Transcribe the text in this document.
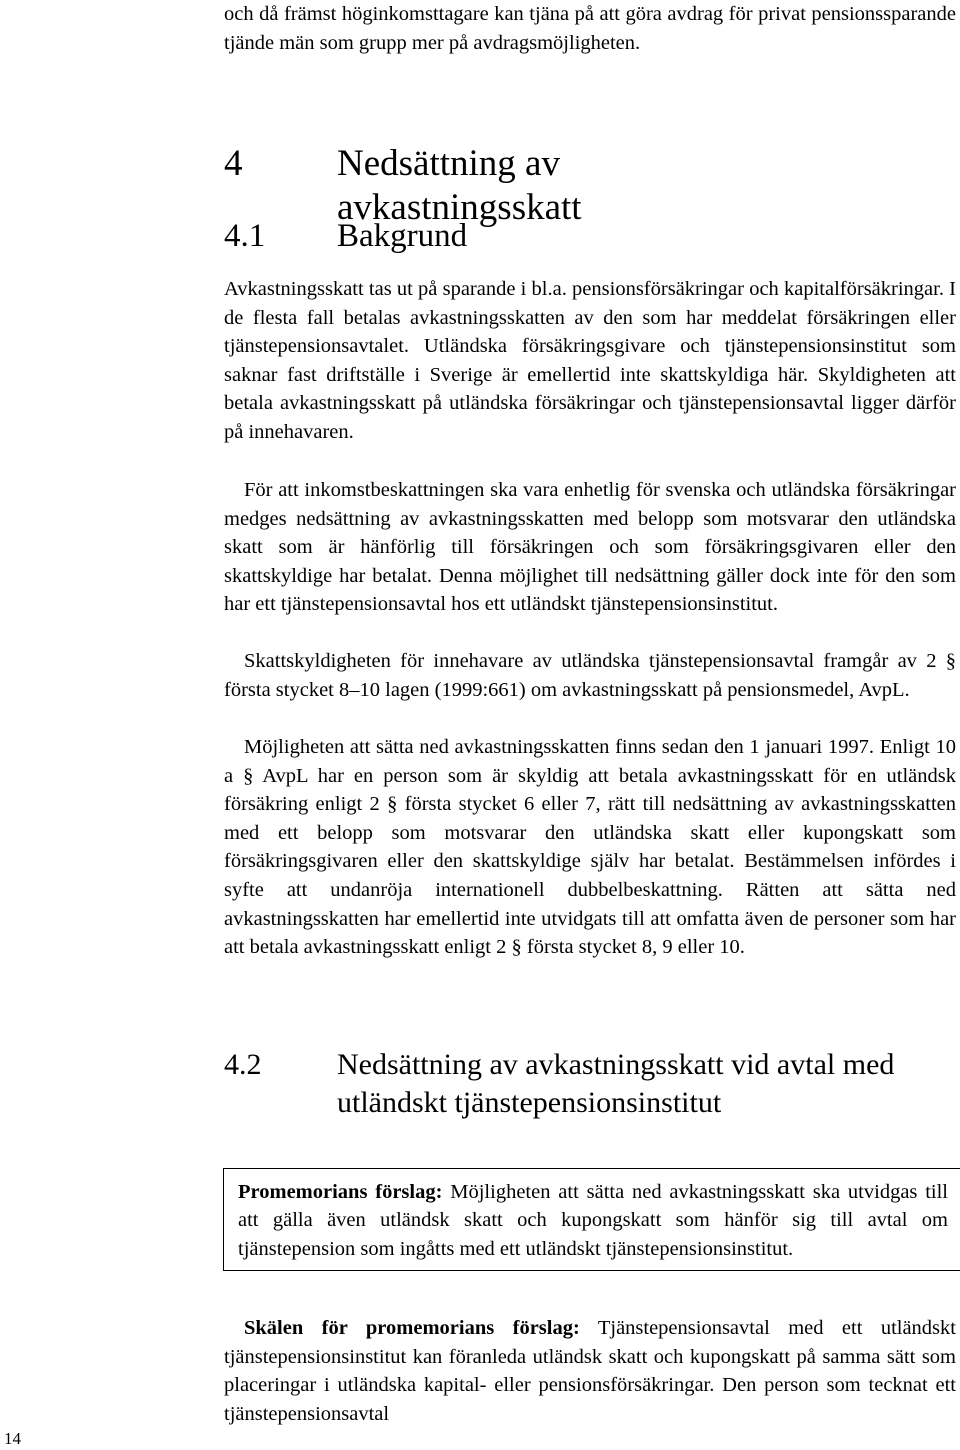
och då främst höginkomsttagare kan tjäna på att göra avdrag för privat pensionssparande tjände män som grupp mer på avdragsmöjligheten.

4	Nedsättning av avkastningsskatt
4.1 Bakgrund

Avkastningsskatt tas ut på sparande i bl.a. pensionsförsäkringar och kapitalförsäkringar. I de flesta fall betalas avkastningsskatten av den som har meddelat försäkringen eller tjänstepensionsavtalet. Utländska försäkringsgivare och tjänstepensionsinstitut som saknar fast driftställe i Sverige är emellertid inte skattskyldiga här. Skyldigheten att betala avkastningsskatt på utländska försäkringar och tjänstepensionsavtal ligger därför på innehavaren.

För att inkomstbeskattningen ska vara enhetlig för svenska och utländska försäkringar medges nedsättning av avkastningsskatten med belopp som motsvarar den utländska skatt som är hänförlig till försäkringen och som försäkringsgivaren eller den skattskyldige har betalat. Denna möjlighet till nedsättning gäller dock inte för den som har ett tjänstepensionsavtal hos ett utländskt tjänstepensionsinstitut.

Skattskyldigheten för innehavare av utländska tjänstepensionsavtal framgår av 2 § första stycket 8–10 lagen (1999:661) om avkastningsskatt på pensionsmedel, AvpL.

Möjligheten att sätta ned avkastningsskatten finns sedan den 1 januari 1997. Enligt 10 a § AvpL har en person som är skyldig att betala avkastningsskatt för en utländsk försäkring enligt 2 § första stycket 6 eller 7, rätt till nedsättning av avkastningsskatten med ett belopp som motsvarar den utländska skatt eller kupongskatt som försäkringsgivaren eller den skattskyldige själv har betalat. Bestämmelsen infördes i syfte att undanröja internationell dubbelbeskattning. Rätten att sätta ned avkastningsskatten har emellertid inte utvidgats till att omfatta även de personer som har att betala avkastningsskatt enligt 2 § första stycket 8, 9 eller 10.

4.2	Nedsättning av avkastningsskatt vid avtal med utländskt tjänstepensionsinstitut

Promemorians förslag: Möjligheten att sätta ned avkastningsskatt ska utvidgas till att gälla även utländsk skatt och kupongskatt som hänför sig till avtal om tjänstepension som ingåtts med ett utländskt tjänstepensionsinstitut.

Skälen för promemorians förslag: Tjänstepensionsavtal med ett utländskt tjänstepensionsinstitut kan föranleda utländsk skatt och kupongskatt på samma sätt som placeringar i utländska kapital- eller pensionsförsäkringar. Den person som tecknat ett tjänstepensionsavtal

14
